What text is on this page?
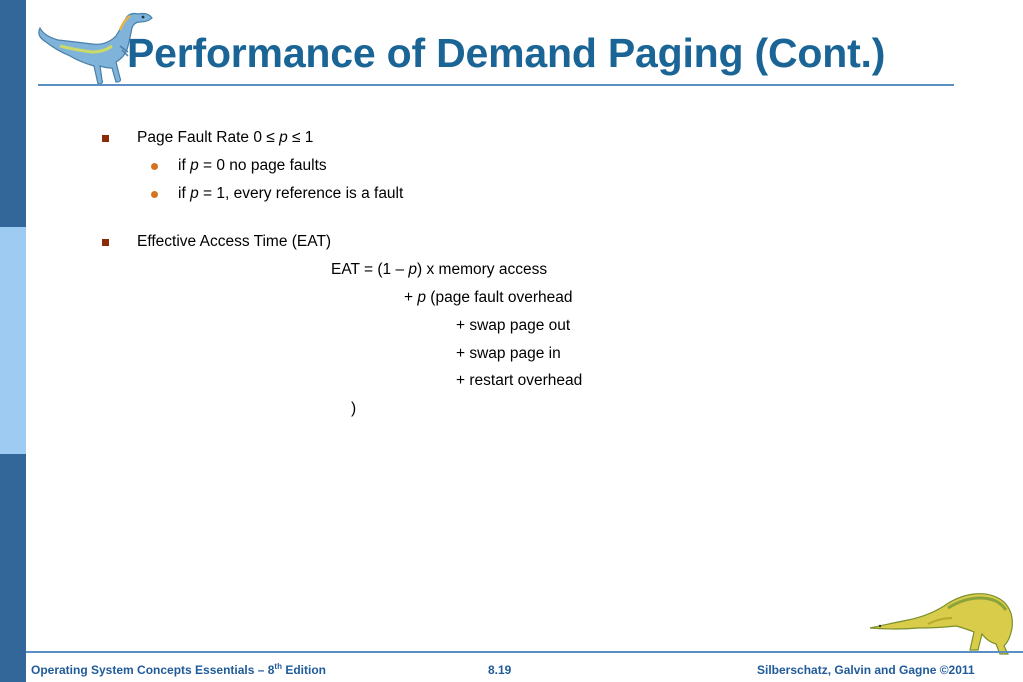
Performance of Demand Paging (Cont.)
Page Fault Rate 0 ≤ p ≤ 1
if p = 0 no page faults
if p = 1, every reference is a fault
Effective Access Time (EAT)
EAT = (1 – p) x memory access
+ p (page fault overhead
+ swap page out
+ swap page in
+ restart overhead
)
Operating System Concepts Essentials – 8th Edition	8.19	Silberschatz, Galvin and Gagne ©2011
